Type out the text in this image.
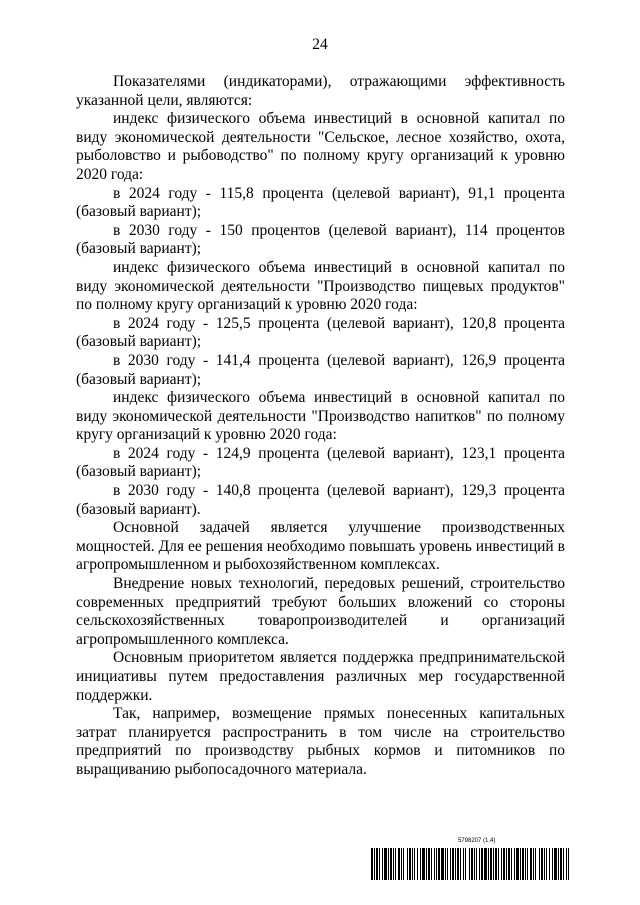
24

Показателями (индикаторами), отражающими эффективность указанной цели, являются:

индекс физического объема инвестиций в основной капитал по виду экономической деятельности "Сельское, лесное хозяйство, охота, рыболовство и рыбоводство" по полному кругу организаций к уровню 2020 года:

в 2024 году - 115,8 процента (целевой вариант), 91,1 процента (базовый вариант);

в 2030 году - 150 процентов (целевой вариант), 114 процентов (базовый вариант);

индекс физического объема инвестиций в основной капитал по виду экономической деятельности "Производство пищевых продуктов" по полному кругу организаций к уровню 2020 года:

в 2024 году - 125,5 процента (целевой вариант), 120,8 процента (базовый вариант);

в 2030 году - 141,4 процента (целевой вариант), 126,9 процента (базовый вариант);

индекс физического объема инвестиций в основной капитал по виду экономической деятельности "Производство напитков" по полному кругу организаций к уровню 2020 года:

в 2024 году - 124,9 процента (целевой вариант), 123,1 процента (базовый вариант);

в 2030 году - 140,8 процента (целевой вариант), 129,3 процента (базовый вариант).

Основной задачей является улучшение производственных мощностей. Для ее решения необходимо повышать уровень инвестиций в агропромышленном и рыбохозяйственном комплексах.

Внедрение новых технологий, передовых решений, строительство современных предприятий требуют больших вложений со стороны сельскохозяйственных товаропроизводителей и организаций агропромышленного комплекса.

Основным приоритетом является поддержка предпринимательской инициативы путем предоставления различных мер государственной поддержки.

Так, например, возмещение прямых понесенных капитальных затрат планируется распространить в том числе на строительство предприятий по производству рыбных кормов и питомников по выращиванию рыбопосадочного материала.

5798207 (1.4)
